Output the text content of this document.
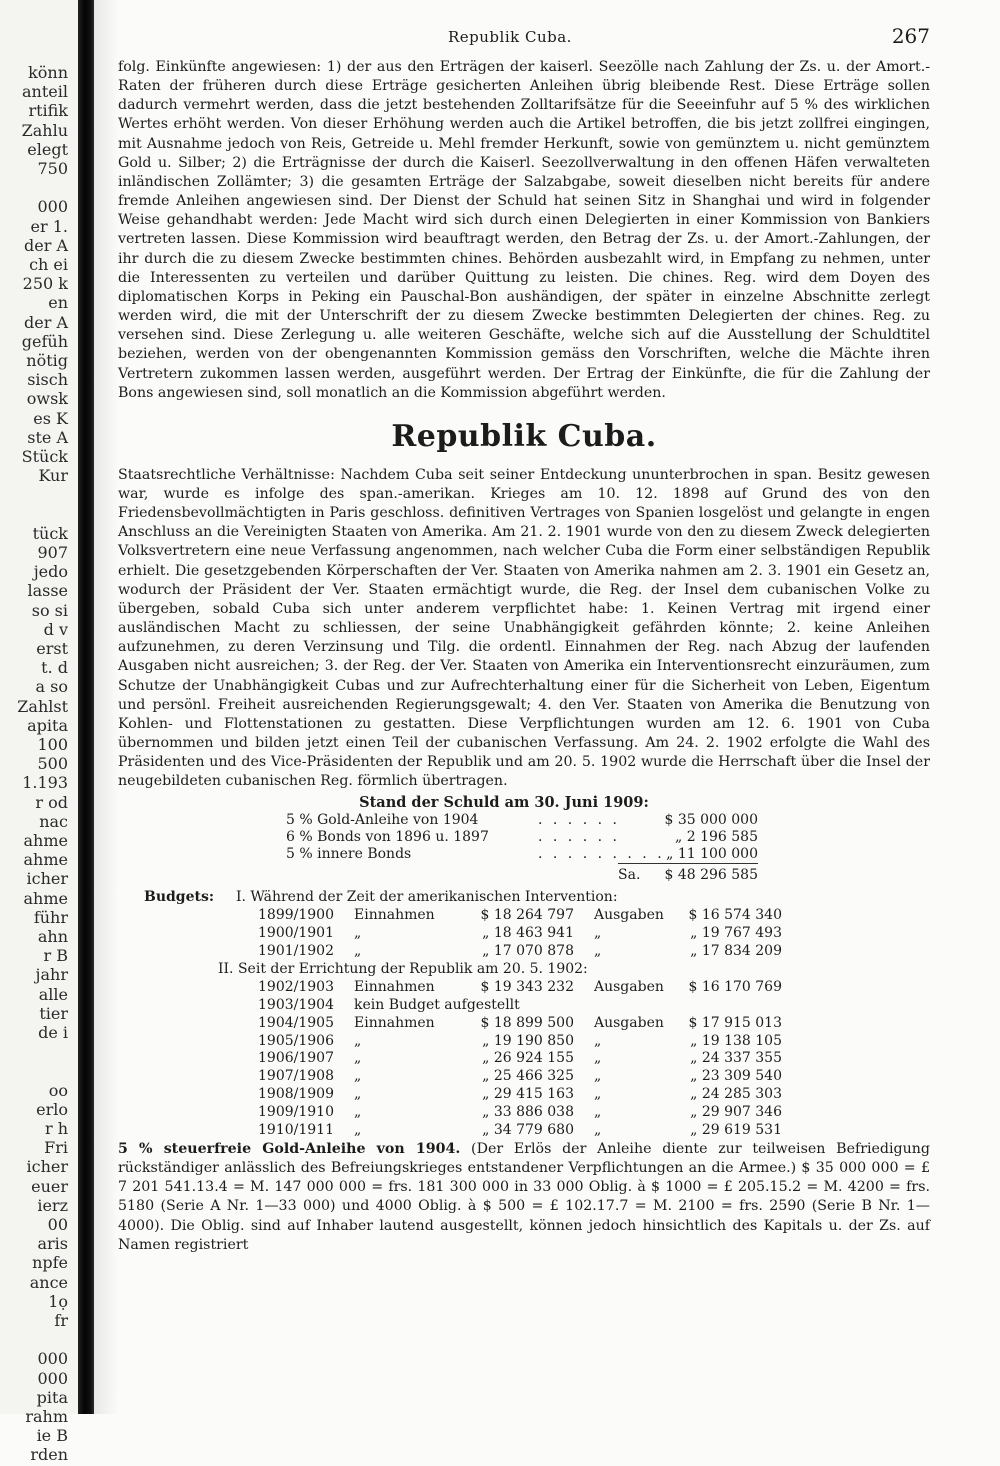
könn
anteil
rtifik
Zahlu
elegt
750
000
er 1.
der A
ch ei
250 k
en
der A
gefüh
nötig
sisch
owsk
es K
ste A
Stück
Kur
tück
907
jedo
lasse
so si
d v
erst
t. d
a so
Zahlst
apita
100
500
1.193
r od
nac
ahme
ahme
icher
ahme
führ
ahn
r B
jahr
alle
tier
de i
oo
erlo
r h
Fri
icher
euer
ierz
00
aris
npfe
ance
1ọ
fr
000
000
pita
rahm
ie B
rden
Republik Cuba.	267

folg. Einkünfte angewiesen: 1) der aus den Erträgen der kaiserl. Seezölle nach Zahlung der Zs. u. der Amort.-Raten der früheren durch diese Erträge gesicherten Anleihen übrig bleibende Rest. Diese Erträge sollen dadurch vermehrt werden, dass die jetzt bestehenden Zolltarifsätze für die Seeeinfuhr auf 5 % des wirklichen Wertes erhöht werden. Von dieser Erhöhung werden auch die Artikel betroffen, die bis jetzt zollfrei eingingen, mit Ausnahme jedoch von Reis, Getreide u. Mehl fremder Herkunft, sowie von gemünztem u. nicht gemünztem Gold u. Silber; 2) die Erträgnisse der durch die Kaiserl. Seezollverwaltung in den offenen Häfen verwalteten inländischen Zollämter; 3) die gesamten Erträge der Salzabgabe, soweit dieselben nicht bereits für andere fremde Anleihen angewiesen sind. Der Dienst der Schuld hat seinen Sitz in Shanghai und wird in folgender Weise gehandhabt werden: Jede Macht wird sich durch einen Delegierten in einer Kommission von Bankiers vertreten lassen. Diese Kommission wird beauftragt werden, den Betrag der Zs. u. der Amort.-Zahlungen, der ihr durch die zu diesem Zwecke bestimmten chines. Behörden ausbezahlt wird, in Empfang zu nehmen, unter die Interessenten zu verteilen und darüber Quittung zu leisten. Die chines. Reg. wird dem Doyen des diplomatischen Korps in Peking ein Pauschal-Bon aushändigen, der später in einzelne Abschnitte zerlegt werden wird, die mit der Unterschrift der zu diesem Zwecke bestimmten Delegierten der chines. Reg. zu versehen sind. Diese Zerlegung u. alle weiteren Geschäfte, welche sich auf die Ausstellung der Schuldtitel beziehen, werden von der obengenannten Kommission gemäss den Vorschriften, welche die Mächte ihren Vertretern zukommen lassen werden, ausgeführt werden. Der Ertrag der Einkünfte, die für die Zahlung der Bons angewiesen sind, soll monatlich an die Kommission abgeführt werden.

Republik Cuba.

Staatsrechtliche Verhältnisse: Nachdem Cuba seit seiner Entdeckung ununterbrochen in span. Besitz gewesen war, wurde es infolge des span.-amerikan. Krieges am 10. 12. 1898 auf Grund des von den Friedensbevollmächtigten in Paris geschloss. definitiven Vertrages von Spanien losgelöst und gelangte in engen Anschluss an die Vereinigten Staaten von Amerika. Am 21. 2. 1901 wurde von den zu diesem Zweck delegierten Volksvertretern eine neue Verfassung angenommen, nach welcher Cuba die Form einer selbständigen Republik erhielt. Die gesetzgebenden Körperschaften der Ver. Staaten von Amerika nahmen am 2. 3. 1901 ein Gesetz an, wodurch der Präsident der Ver. Staaten ermächtigt wurde, die Reg. der Insel dem cubanischen Volke zu übergeben, sobald Cuba sich unter anderem verpflichtet habe: 1. Keinen Vertrag mit irgend einer ausländischen Macht zu schliessen, der seine Unabhängigkeit gefährden könnte; 2. keine Anleihen aufzunehmen, zu deren Verzinsung und Tilg. die ordentl. Einnahmen der Reg. nach Abzug der laufenden Ausgaben nicht ausreichen; 3. der Reg. der Ver. Staaten von Amerika ein Interventionsrecht einzuräumen, zum Schutze der Unabhängigkeit Cubas und zur Aufrechterhaltung einer für die Sicherheit von Leben, Eigentum und persönl. Freiheit ausreichenden Regierungsgewalt; 4. den Ver. Staaten von Amerika die Benutzung von Kohlen- und Flottenstationen zu gestatten. Diese Verpflichtungen wurden am 12. 6. 1901 von Cuba übernommen und bilden jetzt einen Teil der cubanischen Verfassung. Am 24. 2. 1902 erfolgte die Wahl des Präsidenten und des Vice-Präsidenten der Republik und am 20. 5. 1902 wurde die Herrschaft über die Insel der neugebildeten cubanischen Reg. förmlich übertragen.

Stand der Schuld am 30. Juni 1909:
5 % Gold-Anleihe von 1904	. . . . . .	$ 35 000 000
6 % Bonds von 1896 u. 1897	. . . . . .	„ 2 196 585
5 % innere Bonds	. . . . . . . . . „ 11 100 000
Sa.	$ 48 296 585
Budgets: I. Während der Zeit der amerikanischen Intervention:
1899/1900 Einnahmen	$ 18 264 797 Ausgaben	$ 16 574 340
1900/1901 „	„ 18 463 941 „	„ 19 767 493
1901/1902 „	„ 17 070 878 „	„ 17 834 209
II. Seit der Errichtung der Republik am 20. 5. 1902:
1902/1903 Einnahmen	$ 19 343 232 Ausgaben	$ 16 170 769
1903/1904 kein Budget aufgestellt
1904/1905 Einnahmen	$ 18 899 500 Ausgaben	$ 17 915 013
1905/1906 „	„ 19 190 850 „	„ 19 138 105
1906/1907 „	„ 26 924 155 „	„ 24 337 355
1907/1908 „	„ 25 466 325 „	„ 23 309 540
1908/1909 „	„ 29 415 163 „	„ 24 285 303
1909/1910 „	„ 33 886 038 „	„ 29 907 346
1910/1911 „	„ 34 779 680 „	„ 29 619 531

5 % steuerfreie Gold-Anleihe von 1904. (Der Erlös der Anleihe diente zur teilweisen Befriedigung rückständiger anlässlich des Befreiungskrieges entstandener Verpflichtungen an die Armee.) $ 35 000 000 = £ 7 201 541.13.4 = M. 147 000 000 = frs. 181 300 000 in 33 000 Oblig. à $ 1000 = £ 205.15.2 = M. 4200 = frs. 5180 (Serie A Nr. 1—33 000) und 4000 Oblig. à $ 500 = £ 102.17.7 = M. 2100 = frs. 2590 (Serie B Nr. 1—4000). Die Oblig. sind auf Inhaber lautend ausgestellt, können jedoch hinsichtlich des Kapitals u. der Zs. auf Namen registriert
